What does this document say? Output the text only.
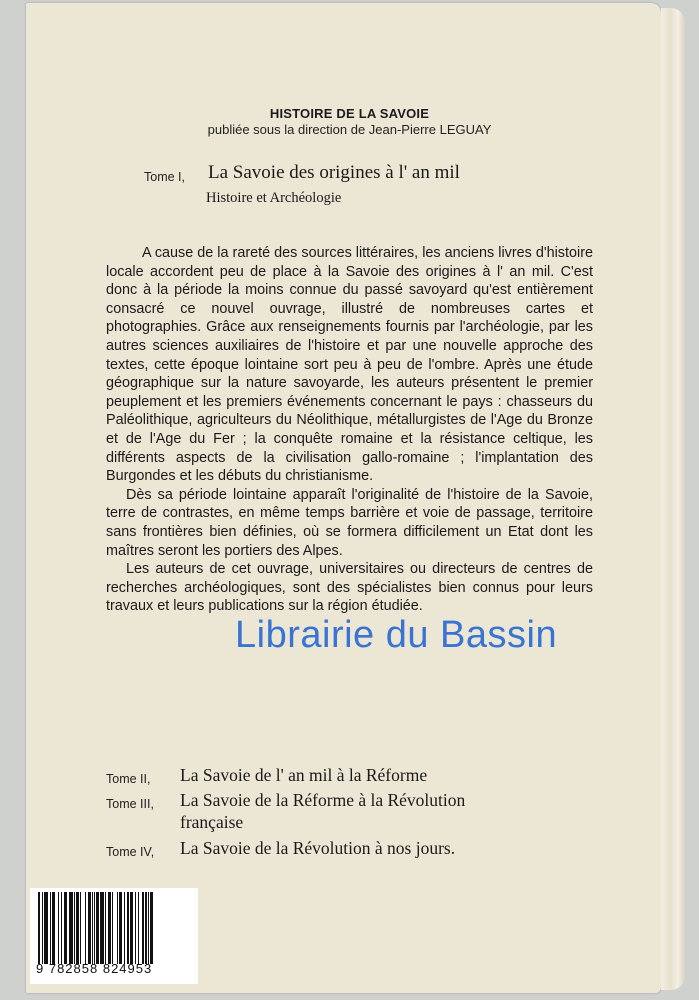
HISTOIRE DE LA SAVOIE

publiée sous la direction de Jean-Pierre LEGUAY

Tome I, La Savoie des origines à l' an mil
Histoire et Archéologie

A cause de la rareté des sources littéraires, les anciens livres d'histoire locale accordent peu de place à la Savoie des origines à l' an mil. C'est donc à la période la moins connue du passé savoyard qu'est entièrement consacré ce nouvel ouvrage, illustré de nombreuses cartes et photographies. Grâce aux renseignements fournis par l'archéologie, par les autres sciences auxiliaires de l'histoire et par une nouvelle approche des textes, cette époque lointaine sort peu à peu de l'ombre. Après une étude géographique sur la nature savoyarde, les auteurs présentent le premier peuplement et les premiers événements concernant le pays : chasseurs du Paléolithique, agriculteurs du Néolithique, métallurgistes de l'Age du Bronze et de l'Age du Fer ; la conquête romaine et la résistance celtique, les différents aspects de la civilisation gallo-romaine ; l'implantation des Burgondes et les débuts du christianisme.

Dès sa période lointaine apparaît l'originalité de l'histoire de la Savoie, terre de contrastes, en même temps barrière et voie de passage, territoire sans frontières bien définies, où se formera difficilement un Etat dont les maîtres seront les portiers des Alpes.

Les auteurs de cet ouvrage, universitaires ou directeurs de centres de recherches archéologiques, sont des spécialistes bien connus pour leurs travaux et leurs publications sur la région étudiée.

Librairie du Bassin
Tome II, La Savoie de l' an mil à la Réforme
Tome III, La Savoie de la Réforme à la Révolution
française
Tome IV, La Savoie de la Révolution à nos jours.
9 782858 824953
